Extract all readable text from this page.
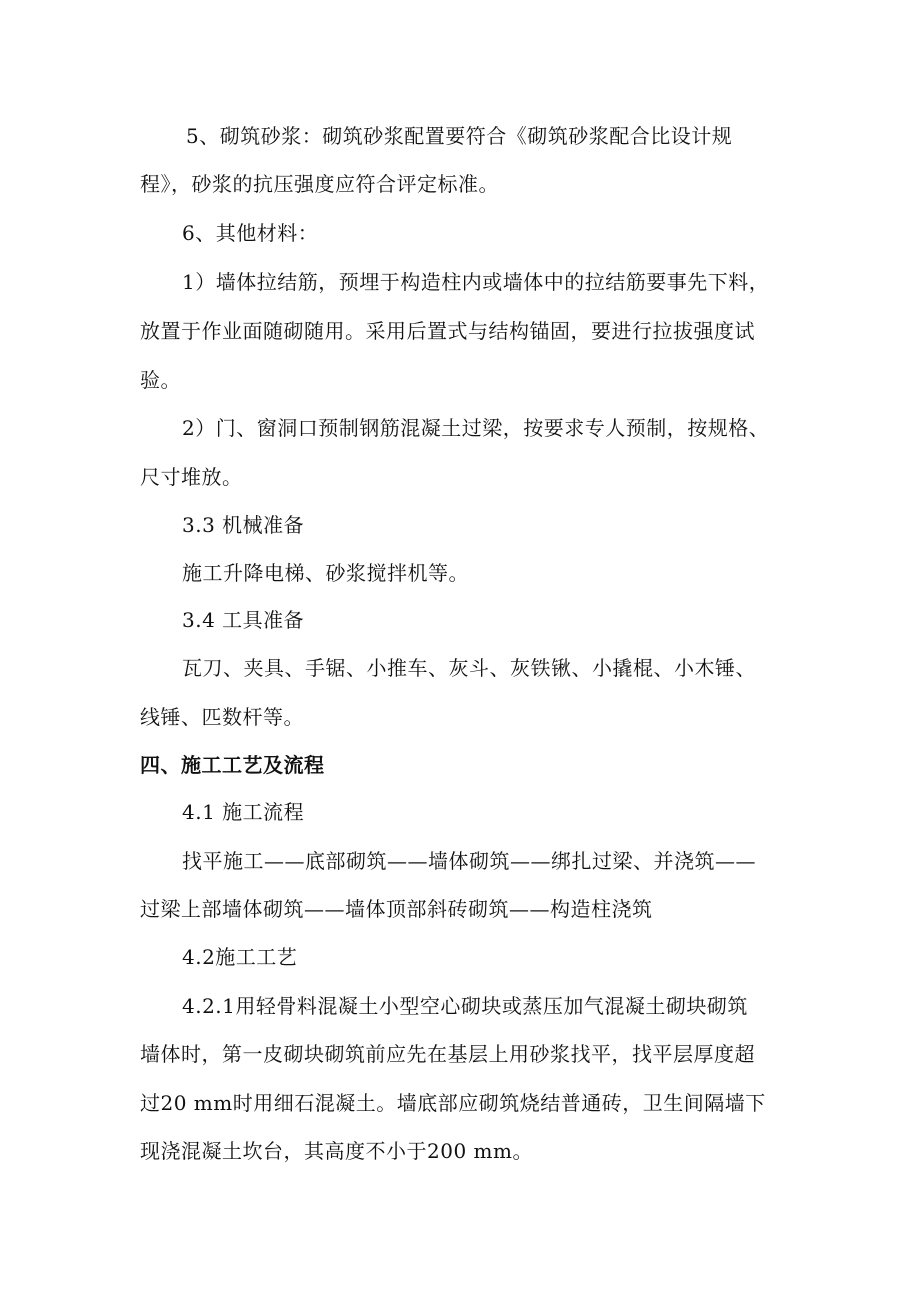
5、砌筑砂浆：砌筑砂浆配置要符合《砌筑砂浆配合比设计规
程》，砂浆的抗压强度应符合评定标准。
6、其他材料：
1）墙体拉结筋，预埋于构造柱内或墙体中的拉结筋要事先下料，
放置于作业面随砌随用。采用后置式与结构锚固，要进行拉拔强度试
验。
2）门、窗洞口预制钢筋混凝土过梁，按要求专人预制，按规格、
尺寸堆放。
3.3 机械准备
施工升降电梯、砂浆搅拌机等。
3.4 工具准备
瓦刀、夹具、手锯、小推车、灰斗、灰铁锹、小撬棍、小木锤、
线锤、匹数杆等。
四、施工工艺及流程
4.1 施工流程
找平施工——底部砌筑——墙体砌筑——绑扎过梁、并浇筑——
过梁上部墙体砌筑——墙体顶部斜砖砌筑——构造柱浇筑
4.2施工工艺
4.2.1用轻骨料混凝土小型空心砌块或蒸压加气混凝土砌块砌筑
墙体时，第一皮砌块砌筑前应先在基层上用砂浆找平，找平层厚度超
过20 mm时用细石混凝土。墙底部应砌筑烧结普通砖，卫生间隔墙下
现浇混凝土坎台，其高度不小于200 mm。
